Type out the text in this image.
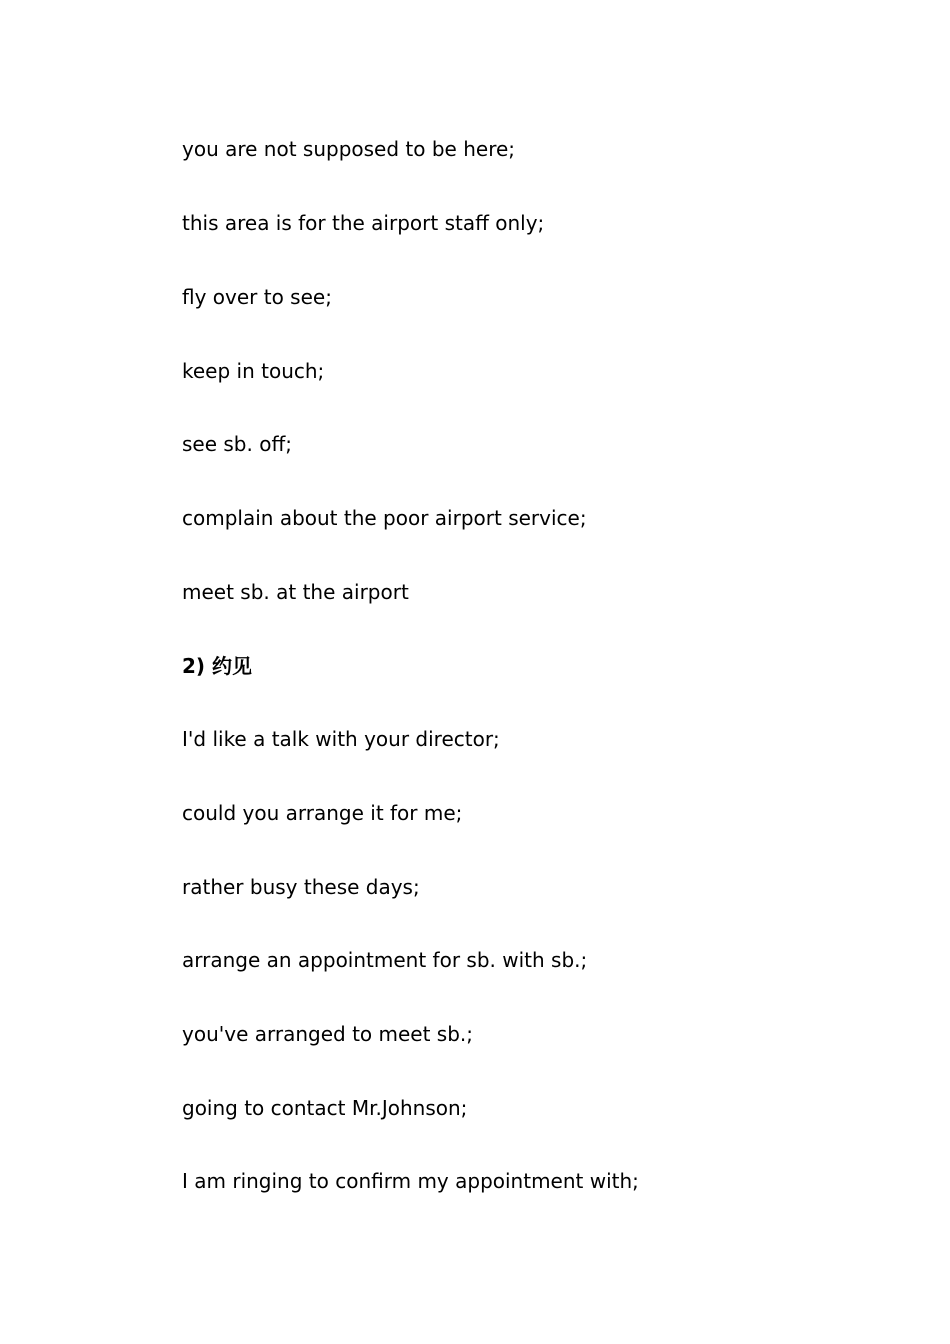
you are not supposed to be here;
this area is for the airport staff only;
fly over to see;
keep in touch;
see sb. off;
complain about the poor airport service;
meet sb. at the airport
2) 约见
I'd like a talk with your director;
could you arrange it for me;
rather busy these days;
arrange an appointment for sb. with sb.;
you've arranged to meet sb.;
going to contact Mr.Johnson;
I am ringing to confirm my appointment with;
